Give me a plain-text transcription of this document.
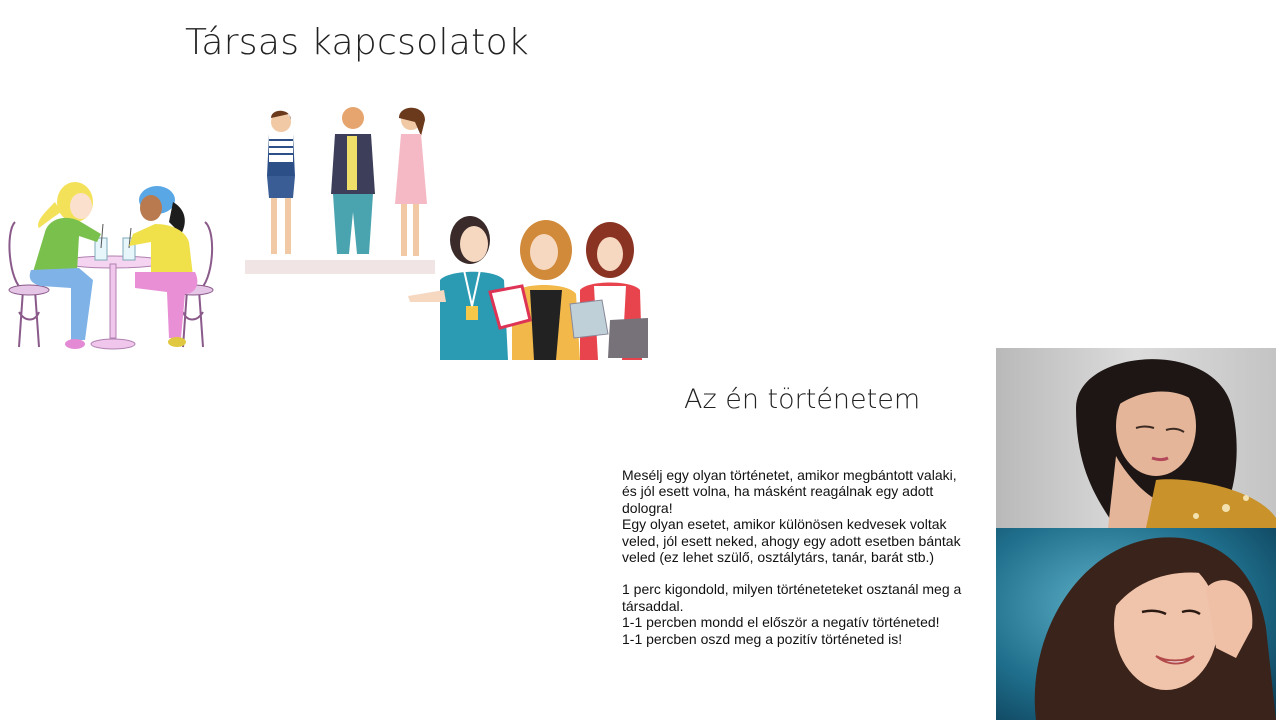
Társas kapcsolatok
Az én történetem

Mesélj egy olyan történetet, amikor megbántott valaki, és jól esett volna, ha másként reagálnak egy adott dologra!

Egy olyan esetet, amikor különösen kedvesek voltak veled, jól esett neked, ahogy egy adott esetben bántak veled (ez lehet szülő, osztálytárs, tanár, barát stb.)

1 perc kigondold, milyen történeteteket osztanál meg a társaddal.

1-1 percben mondd el először a negatív történeted!

1-1 percben oszd meg a pozitív történeted is!
